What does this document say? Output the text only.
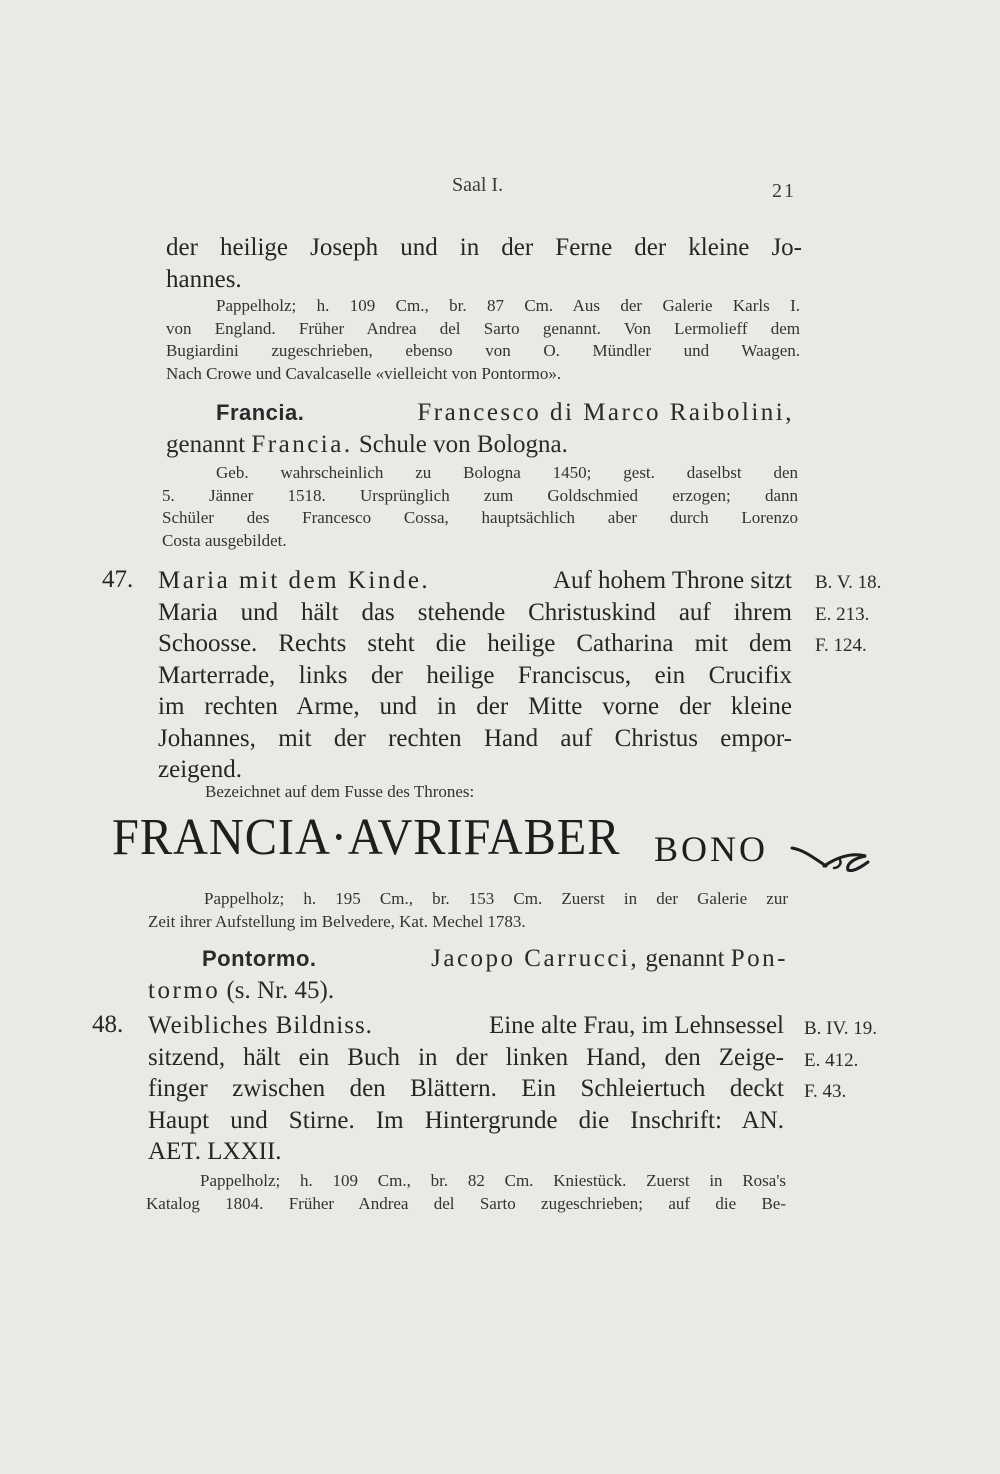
Saal I.	21
der heilige Joseph und in der Ferne der kleine Jo-
hannes.
Pappelholz; h. 109 Cm., br. 87 Cm. Aus der Galerie Karls I.
von England. Früher Andrea del Sarto genannt. Von Lermolieff dem
Bugiardini zugeschrieben, ebenso von O. Mündler und Waagen.
Nach Crowe und Cavalcaselle «vielleicht von Pontormo».
Francia.	Francesco di Marco Raibolini,
genannt Francia. Schule von Bologna.
Geb. wahrscheinlich zu Bologna 1450; gest. daselbst den
5. Jänner 1518. Ursprünglich zum Goldschmied erzogen; dann
Schüler des Francesco Cossa, hauptsächlich aber durch Lorenzo
Costa ausgebildet.
47. Maria mit dem Kinde.	Auf hohem Throne sitzt
Maria und hält das stehende Christuskind auf ihrem
Schoosse. Rechts steht die heilige Catharina mit dem
Marterrade, links der heilige Franciscus, ein Crucifix
im rechten Arme, und in der Mitte vorne der kleine
Johannes, mit der rechten Hand auf Christus empor-
zeigend.
B. V. 18.
E. 213.
F. 124.
Bezeichnet auf dem Fusse des Thrones:
FRANCIA·AVRIFABER BONO
Pappelholz; h. 195 Cm., br. 153 Cm. Zuerst in der Galerie zur
Zeit ihrer Aufstellung im Belvedere, Kat. Mechel 1783.
Pontormo.	Jacopo Carrucci, genannt Pon-
tormo (s. Nr. 45).
48. Weibliches Bildniss.	Eine alte Frau, im Lehnsessel
sitzend, hält ein Buch in der linken Hand, den Zeige-
finger zwischen den Blättern. Ein Schleiertuch deckt
Haupt und Stirne. Im Hintergrunde die Inschrift: AN.
AET. LXXII.
B. IV. 19.
E. 412.
F. 43.
Pappelholz; h. 109 Cm., br. 82 Cm. Kniestück. Zuerst in Rosa's
Katalog 1804. Früher Andrea del Sarto zugeschrieben; auf die Be-
